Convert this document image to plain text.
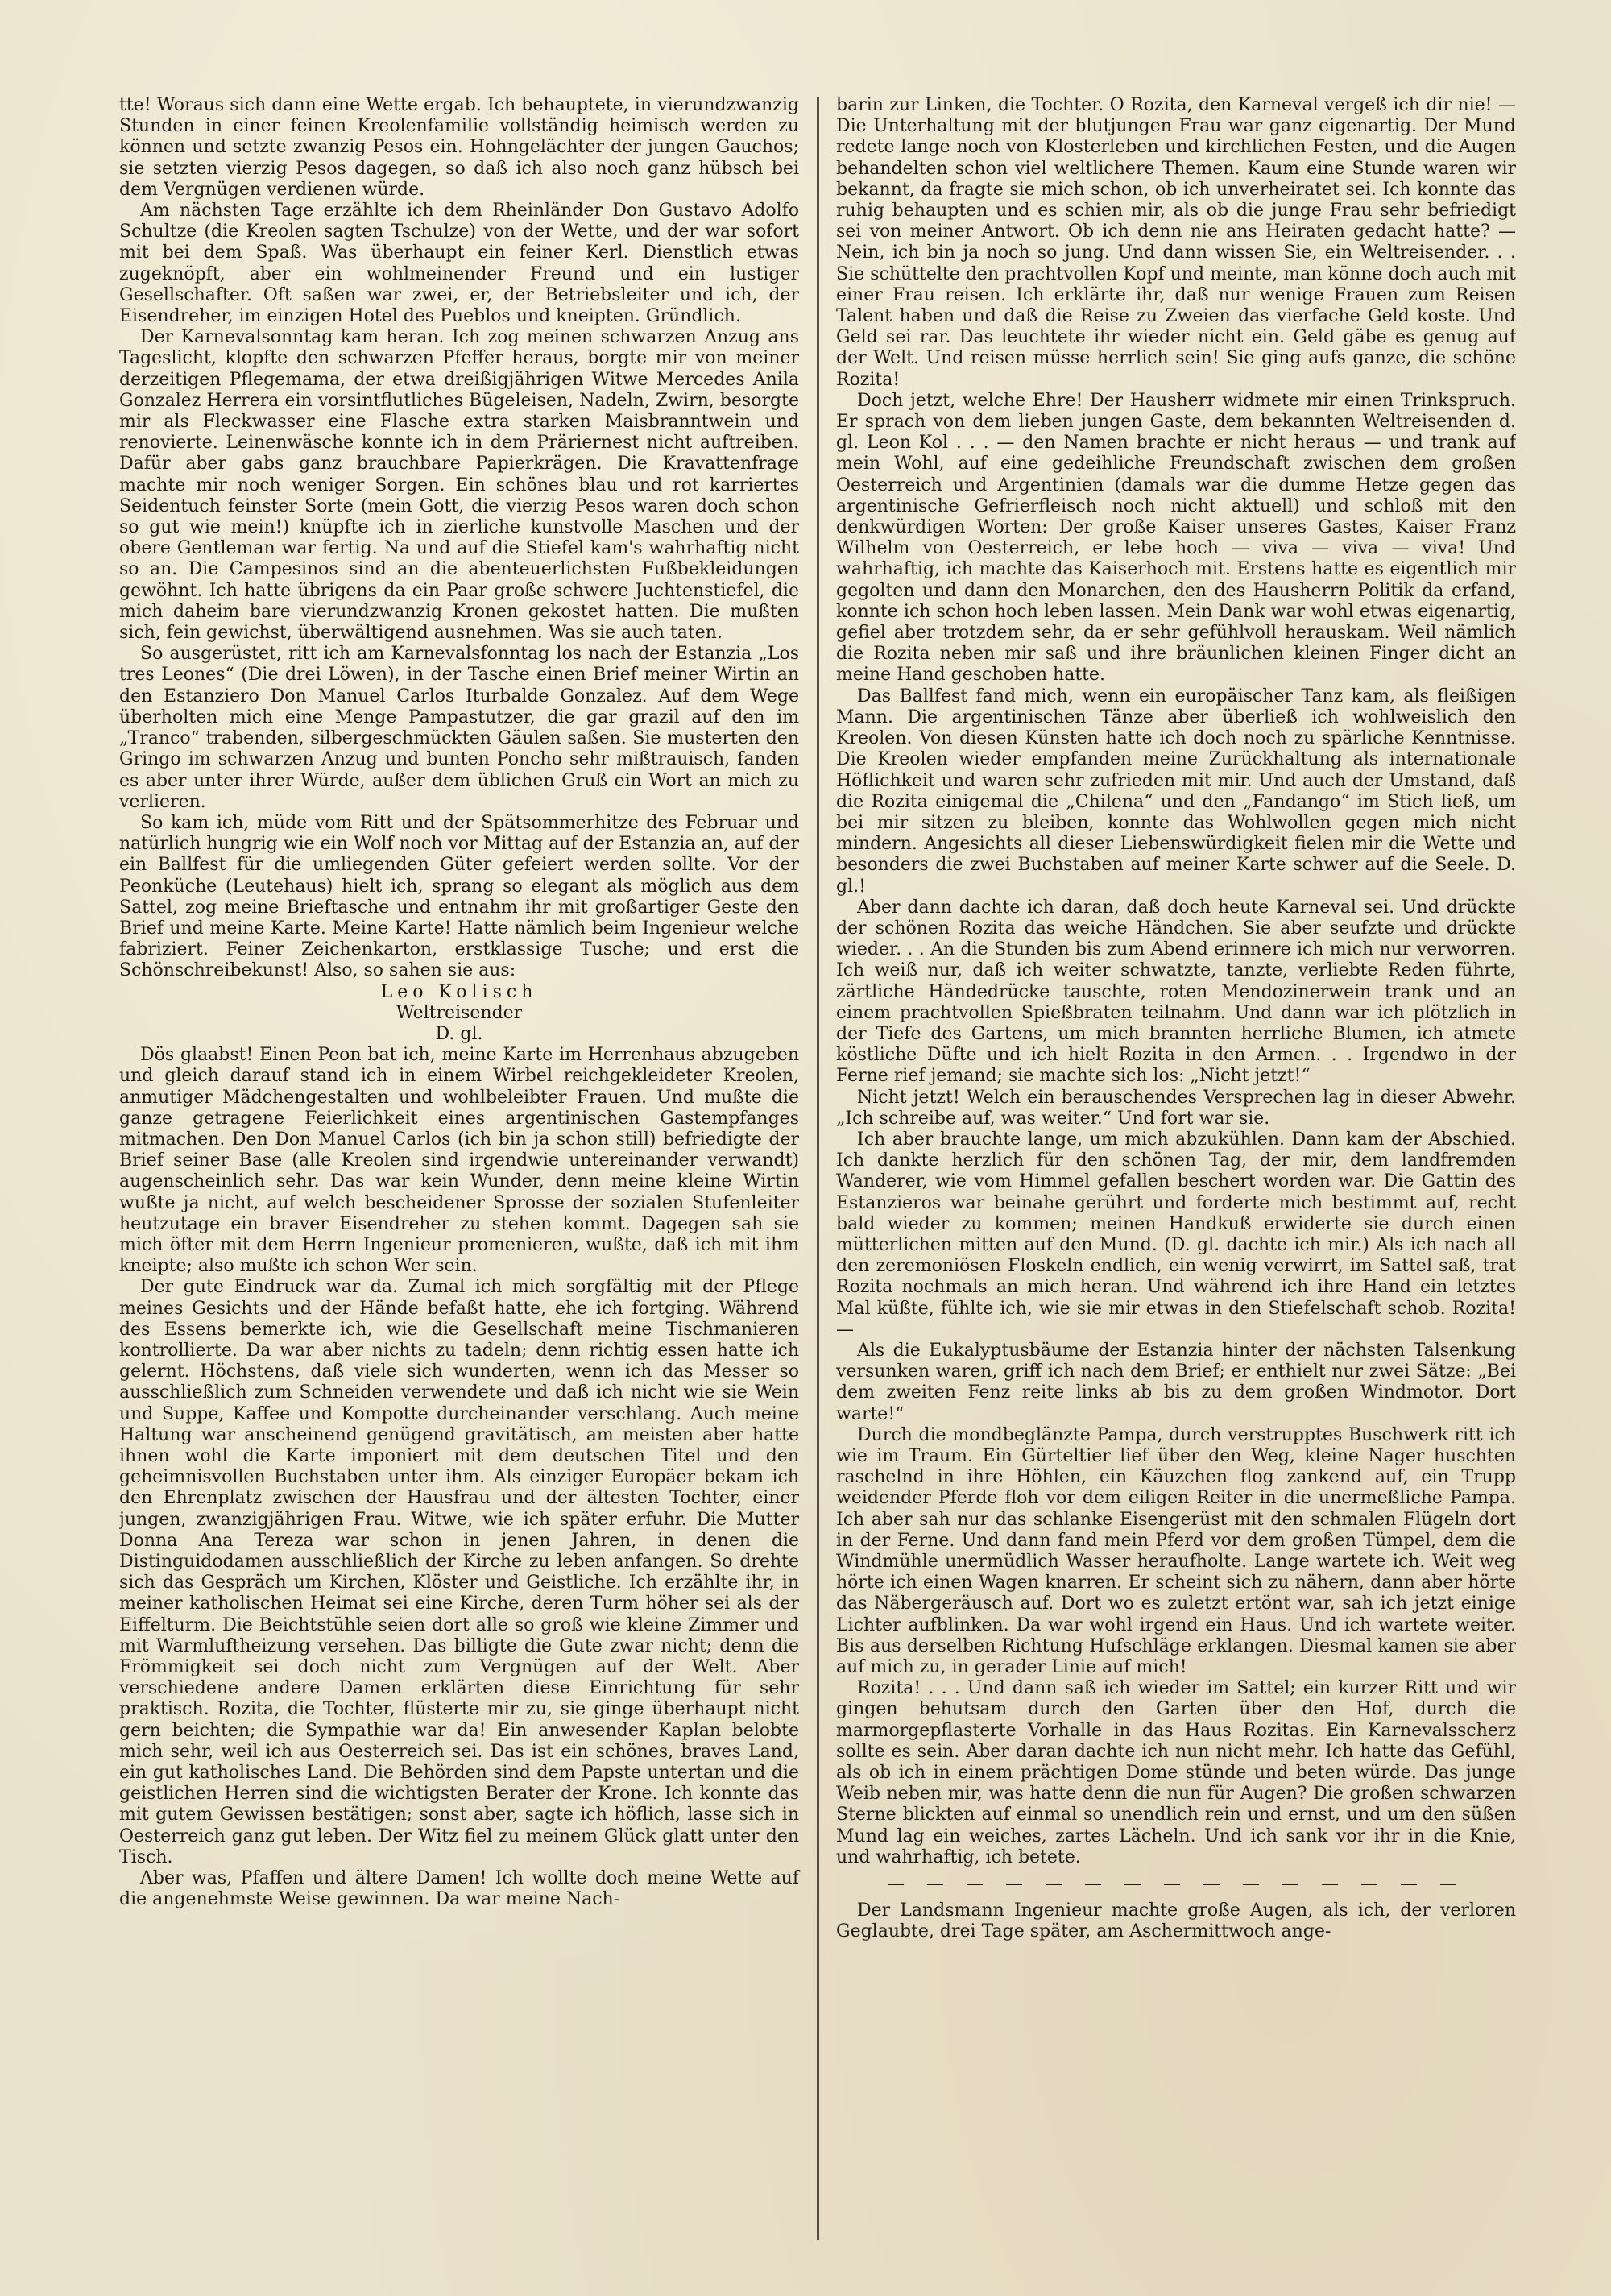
tte! Woraus sich dann eine Wette ergab. Ich behauptete, in vierundzwanzig Stunden in einer feinen Kreolenfamilie vollständig heimisch werden zu können und setzte zwanzig Pesos ein. Hohngelächter der jungen Gauchos; sie setzten vierzig Pesos dagegen, so daß ich also noch ganz hübsch bei dem Vergnügen verdienen würde.

Am nächsten Tage erzählte ich dem Rheinländer Don Gustavo Adolfo Schultze (die Kreolen sagten Tschulze) von der Wette, und der war sofort mit bei dem Spaß. Was überhaupt ein feiner Kerl. Dienstlich etwas zugeknöpft, aber ein wohlmeinender Freund und ein lustiger Gesellschafter. Oft saßen war zwei, er, der Betriebsleiter und ich, der Eisendreher, im einzigen Hotel des Pueblos und kneipten. Gründlich.

Der Karnevalsonntag kam heran. Ich zog meinen schwarzen Anzug ans Tageslicht, klopfte den schwarzen Pfeffer heraus, borgte mir von meiner derzeitigen Pflegemama, der etwa dreißigjährigen Witwe Mercedes Anila Gonzalez Herrera ein vorsintflutliches Bügeleisen, Nadeln, Zwirn, besorgte mir als Fleckwasser eine Flasche extra starken Maisbranntwein und renovierte. Leinenwäsche konnte ich in dem Präriernest nicht auftreiben. Dafür aber gabs ganz brauchbare Papierkrägen. Die Kravattenfrage machte mir noch weniger Sorgen. Ein schönes blau und rot karriertes Seidentuch feinster Sorte (mein Gott, die vierzig Pesos waren doch schon so gut wie mein!) knüpfte ich in zierliche kunstvolle Maschen und der obere Gentleman war fertig. Na und auf die Stiefel kam's wahrhaftig nicht so an. Die Campesinos sind an die abenteuerlichsten Fußbekleidungen gewöhnt. Ich hatte übrigens da ein Paar große schwere Juchtenstiefel, die mich daheim bare vierundzwanzig Kronen gekostet hatten. Die mußten sich, fein gewichst, überwältigend ausnehmen. Was sie auch taten.

So ausgerüstet, ritt ich am Karnevalsfonntag los nach der Estanzia „Los tres Leones“ (Die drei Löwen), in der Tasche einen Brief meiner Wirtin an den Estanziero Don Manuel Carlos Iturbalde Gonzalez. Auf dem Wege überholten mich eine Menge Pampastutzer, die gar grazil auf den im „Tranco“ trabenden, silbergeschmückten Gäulen saßen. Sie musterten den Gringo im schwarzen Anzug und bunten Poncho sehr mißtrauisch, fanden es aber unter ihrer Würde, außer dem üblichen Gruß ein Wort an mich zu verlieren.

So kam ich, müde vom Ritt und der Spätsommerhitze des Februar und natürlich hungrig wie ein Wolf noch vor Mittag auf der Estanzia an, auf der ein Ballfest für die umliegenden Güter gefeiert werden sollte. Vor der Peonküche (Leutehaus) hielt ich, sprang so elegant als möglich aus dem Sattel, zog meine Brieftasche und entnahm ihr mit großartiger Geste den Brief und meine Karte. Meine Karte! Hatte nämlich beim Ingenieur welche fabriziert. Feiner Zeichenkarton, erstklassige Tusche; und erst die Schönschreibekunst! Also, so sahen sie aus:

Leo Kolisch
Weltreisender
D. gl.

Dös glaabst! Einen Peon bat ich, meine Karte im Herrenhaus abzugeben und gleich darauf stand ich in einem Wirbel reichgekleideter Kreolen, anmutiger Mädchengestalten und wohlbeleibter Frauen. Und mußte die ganze getragene Feierlichkeit eines argentinischen Gastempfanges mitmachen. Den Don Manuel Carlos (ich bin ja schon still) befriedigte der Brief seiner Base (alle Kreolen sind irgendwie untereinander verwandt) augenscheinlich sehr. Das war kein Wunder, denn meine kleine Wirtin wußte ja nicht, auf welch bescheidener Sprosse der sozialen Stufenleiter heutzutage ein braver Eisendreher zu stehen kommt. Dagegen sah sie mich öfter mit dem Herrn Ingenieur promenieren, wußte, daß ich mit ihm kneipte; also mußte ich schon Wer sein.

Der gute Eindruck war da. Zumal ich mich sorgfältig mit der Pflege meines Gesichts und der Hände befaßt hatte, ehe ich fortging. Während des Essens bemerkte ich, wie die Gesellschaft meine Tischmanieren kontrollierte. Da war aber nichts zu tadeln; denn richtig essen hatte ich gelernt. Höchstens, daß viele sich wunderten, wenn ich das Messer so ausschließlich zum Schneiden verwendete und daß ich nicht wie sie Wein und Suppe, Kaffee und Kompotte durcheinander verschlang. Auch meine Haltung war anscheinend genügend gravitätisch, am meisten aber hatte ihnen wohl die Karte imponiert mit dem deutschen Titel und den geheimnisvollen Buchstaben unter ihm. Als einziger Europäer bekam ich den Ehrenplatz zwischen der Hausfrau und der ältesten Tochter, einer jungen, zwanzigjährigen Frau. Witwe, wie ich später erfuhr. Die Mutter Donna Ana Tereza war schon in jenen Jahren, in denen die Distinguidodamen ausschließlich der Kirche zu leben anfangen. So drehte sich das Gespräch um Kirchen, Klöster und Geistliche. Ich erzählte ihr, in meiner katholischen Heimat sei eine Kirche, deren Turm höher sei als der Eiffelturm. Die Beichtstühle seien dort alle so groß wie kleine Zimmer und mit Warmluftheizung versehen. Das billigte die Gute zwar nicht; denn die Frömmigkeit sei doch nicht zum Vergnügen auf der Welt. Aber verschiedene andere Damen erklärten diese Einrichtung für sehr praktisch. Rozita, die Tochter, flüsterte mir zu, sie ginge überhaupt nicht gern beichten; die Sympathie war da! Ein anwesender Kaplan belobte mich sehr, weil ich aus Oesterreich sei. Das ist ein schönes, braves Land, ein gut katholisches Land. Die Behörden sind dem Papste untertan und die geistlichen Herren sind die wichtigsten Berater der Krone. Ich konnte das mit gutem Gewissen bestätigen; sonst aber, sagte ich höflich, lasse sich in Oesterreich ganz gut leben. Der Witz fiel zu meinem Glück glatt unter den Tisch.

Aber was, Pfaffen und ältere Damen! Ich wollte doch meine Wette auf die angenehmste Weise gewinnen. Da war meine Nach-

barin zur Linken, die Tochter. O Rozita, den Karneval vergeß ich dir nie! — Die Unterhaltung mit der blutjungen Frau war ganz eigenartig. Der Mund redete lange noch von Klosterleben und kirchlichen Festen, und die Augen behandelten schon viel weltlichere Themen. Kaum eine Stunde waren wir bekannt, da fragte sie mich schon, ob ich unverheiratet sei. Ich konnte das ruhig behaupten und es schien mir, als ob die junge Frau sehr befriedigt sei von meiner Antwort. Ob ich denn nie ans Heiraten gedacht hatte? — Nein, ich bin ja noch so jung. Und dann wissen Sie, ein Weltreisender. . . Sie schüttelte den prachtvollen Kopf und meinte, man könne doch auch mit einer Frau reisen. Ich erklärte ihr, daß nur wenige Frauen zum Reisen Talent haben und daß die Reise zu Zweien das vierfache Geld koste. Und Geld sei rar. Das leuchtete ihr wieder nicht ein. Geld gäbe es genug auf der Welt. Und reisen müsse herrlich sein! Sie ging aufs ganze, die schöne Rozita!

Doch jetzt, welche Ehre! Der Hausherr widmete mir einen Trinkspruch. Er sprach von dem lieben jungen Gaste, dem bekannten Weltreisenden d. gl. Leon Kol . . . — den Namen brachte er nicht heraus — und trank auf mein Wohl, auf eine gedeihliche Freundschaft zwischen dem großen Oesterreich und Argentinien (damals war die dumme Hetze gegen das argentinische Gefrierfleisch noch nicht aktuell) und schloß mit den denkwürdigen Worten: Der große Kaiser unseres Gastes, Kaiser Franz Wilhelm von Oesterreich, er lebe hoch — viva — viva — viva! Und wahrhaftig, ich machte das Kaiserhoch mit. Erstens hatte es eigentlich mir gegolten und dann den Monarchen, den des Hausherrn Politik da erfand, konnte ich schon hoch leben lassen. Mein Dank war wohl etwas eigenartig, gefiel aber trotzdem sehr, da er sehr gefühlvoll herauskam. Weil nämlich die Rozita neben mir saß und ihre bräunlichen kleinen Finger dicht an meine Hand geschoben hatte.

Das Ballfest fand mich, wenn ein europäischer Tanz kam, als fleißigen Mann. Die argentinischen Tänze aber überließ ich wohlweislich den Kreolen. Von diesen Künsten hatte ich doch noch zu spärliche Kenntnisse. Die Kreolen wieder empfanden meine Zurückhaltung als internationale Höflichkeit und waren sehr zufrieden mit mir. Und auch der Umstand, daß die Rozita einigemal die „Chilena“ und den „Fandango“ im Stich ließ, um bei mir sitzen zu bleiben, konnte das Wohlwollen gegen mich nicht mindern. Angesichts all dieser Liebenswürdigkeit fielen mir die Wette und besonders die zwei Buchstaben auf meiner Karte schwer auf die Seele. D. gl.!

Aber dann dachte ich daran, daß doch heute Karneval sei. Und drückte der schönen Rozita das weiche Händchen. Sie aber seufzte und drückte wieder. . . An die Stunden bis zum Abend erinnere ich mich nur verworren. Ich weiß nur, daß ich weiter schwatzte, tanzte, verliebte Reden führte, zärtliche Händedrücke tauschte, roten Mendozinerwein trank und an einem prachtvollen Spießbraten teilnahm. Und dann war ich plötzlich in der Tiefe des Gartens, um mich brannten herrliche Blumen, ich atmete köstliche Düfte und ich hielt Rozita in den Armen. . . Irgendwo in der Ferne rief jemand; sie machte sich los: „Nicht jetzt!“

Nicht jetzt! Welch ein berauschendes Versprechen lag in dieser Abwehr. „Ich schreibe auf, was weiter.“ Und fort war sie.

Ich aber brauchte lange, um mich abzukühlen. Dann kam der Abschied. Ich dankte herzlich für den schönen Tag, der mir, dem landfremden Wanderer, wie vom Himmel gefallen beschert worden war. Die Gattin des Estanzieros war beinahe gerührt und forderte mich bestimmt auf, recht bald wieder zu kommen; meinen Handkuß erwiderte sie durch einen mütterlichen mitten auf den Mund. (D. gl. dachte ich mir.) Als ich nach all den zeremoniösen Floskeln endlich, ein wenig verwirrt, im Sattel saß, trat Rozita nochmals an mich heran. Und während ich ihre Hand ein letztes Mal küßte, fühlte ich, wie sie mir etwas in den Stiefelschaft schob. Rozita! —

Als die Eukalyptusbäume der Estanzia hinter der nächsten Talsenkung versunken waren, griff ich nach dem Brief; er enthielt nur zwei Sätze: „Bei dem zweiten Fenz reite links ab bis zu dem großen Windmotor. Dort warte!“

Durch die mondbeglänzte Pampa, durch verstrupptes Buschwerk ritt ich wie im Traum. Ein Gürteltier lief über den Weg, kleine Nager huschten raschelnd in ihre Höhlen, ein Käuzchen flog zankend auf, ein Trupp weidender Pferde floh vor dem eiligen Reiter in die unermeßliche Pampa. Ich aber sah nur das schlanke Eisengerüst mit den schmalen Flügeln dort in der Ferne. Und dann fand mein Pferd vor dem großen Tümpel, dem die Windmühle unermüdlich Wasser heraufholte. Lange wartete ich. Weit weg hörte ich einen Wagen knarren. Er scheint sich zu nähern, dann aber hörte das Näbergeräusch auf. Dort wo es zuletzt ertönt war, sah ich jetzt einige Lichter aufblinken. Da war wohl irgend ein Haus. Und ich wartete weiter. Bis aus derselben Richtung Hufschläge erklangen. Diesmal kamen sie aber auf mich zu, in gerader Linie auf mich!

Rozita! . . . Und dann saß ich wieder im Sattel; ein kurzer Ritt und wir gingen behutsam durch den Garten über den Hof, durch die marmorgepflasterte Vorhalle in das Haus Rozitas. Ein Karnevalsscherz sollte es sein. Aber daran dachte ich nun nicht mehr. Ich hatte das Gefühl, als ob ich in einem prächtigen Dome stünde und beten würde. Das junge Weib neben mir, was hatte denn die nun für Augen? Die großen schwarzen Sterne blickten auf einmal so unendlich rein und ernst, und um den süßen Mund lag ein weiches, zartes Lächeln. Und ich sank vor ihr in die Knie, und wahrhaftig, ich betete.

— — — — — — — — — — — — — — —

Der Landsmann Ingenieur machte große Augen, als ich, der verloren Geglaubte, drei Tage später, am Aschermittwoch ange-
